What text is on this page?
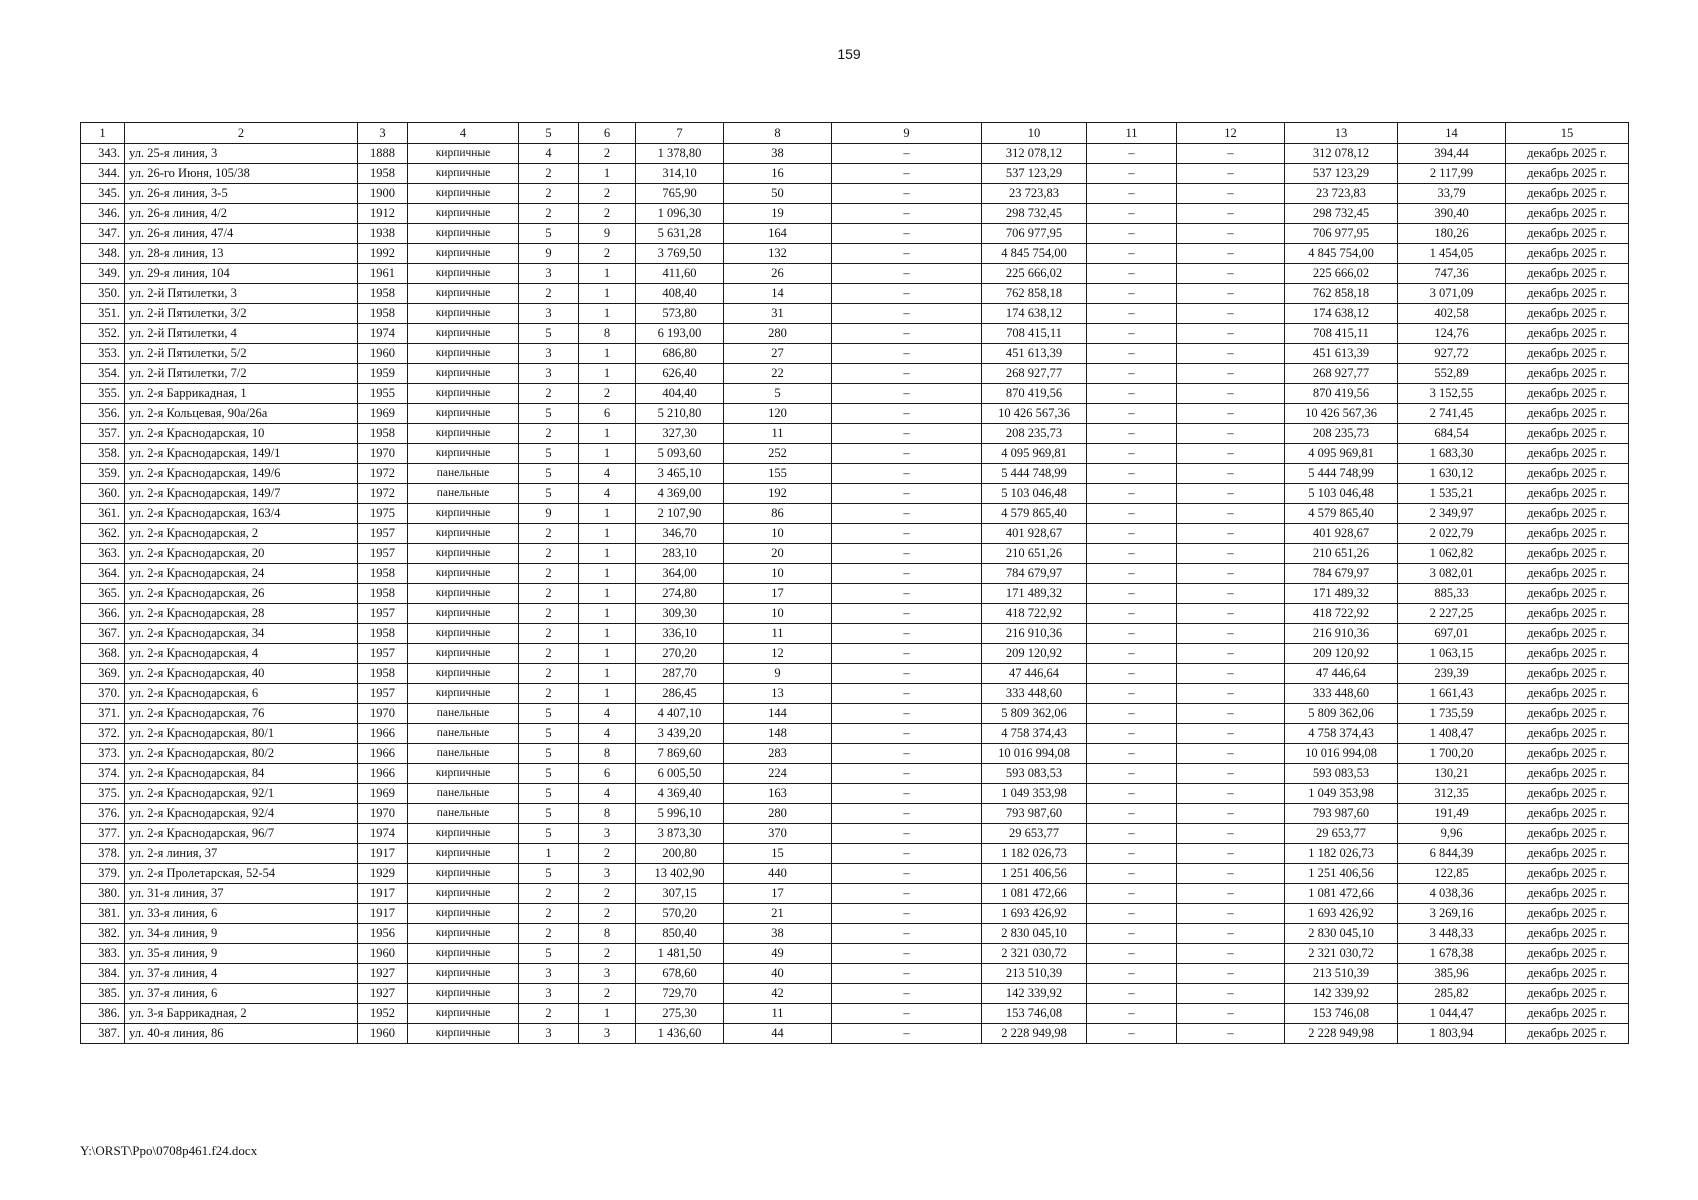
159
1	2	3	4	5	6	7	8	9	10	11	12	13	14	15
343.	ул. 25-я линия, 3	1888	кирпичные	4	2	1 378,80	38	–	312 078,12	–	–	312 078,12	394,44	декабрь 2025 г.
344.	ул. 26-го Июня, 105/38	1958	кирпичные	2	1	314,10	16	–	537 123,29	–	–	537 123,29	2 117,99	декабрь 2025 г.
345.	ул. 26-я линия, 3-5	1900	кирпичные	2	2	765,90	50	–	23 723,83	–	–	23 723,83	33,79	декабрь 2025 г.
346.	ул. 26-я линия, 4/2	1912	кирпичные	2	2	1 096,30	19	–	298 732,45	–	–	298 732,45	390,40	декабрь 2025 г.
347.	ул. 26-я линия, 47/4	1938	кирпичные	5	9	5 631,28	164	–	706 977,95	–	–	706 977,95	180,26	декабрь 2025 г.
348.	ул. 28-я линия, 13	1992	кирпичные	9	2	3 769,50	132	–	4 845 754,00	–	–	4 845 754,00	1 454,05	декабрь 2025 г.
349.	ул. 29-я линия, 104	1961	кирпичные	3	1	411,60	26	–	225 666,02	–	–	225 666,02	747,36	декабрь 2025 г.
350.	ул. 2-й Пятилетки, 3	1958	кирпичные	2	1	408,40	14	–	762 858,18	–	–	762 858,18	3 071,09	декабрь 2025 г.
351.	ул. 2-й Пятилетки, 3/2	1958	кирпичные	3	1	573,80	31	–	174 638,12	–	–	174 638,12	402,58	декабрь 2025 г.
352.	ул. 2-й Пятилетки, 4	1974	кирпичные	5	8	6 193,00	280	–	708 415,11	–	–	708 415,11	124,76	декабрь 2025 г.
353.	ул. 2-й Пятилетки, 5/2	1960	кирпичные	3	1	686,80	27	–	451 613,39	–	–	451 613,39	927,72	декабрь 2025 г.
354.	ул. 2-й Пятилетки, 7/2	1959	кирпичные	3	1	626,40	22	–	268 927,77	–	–	268 927,77	552,89	декабрь 2025 г.
355.	ул. 2-я Баррикадная, 1	1955	кирпичные	2	2	404,40	5	–	870 419,56	–	–	870 419,56	3 152,55	декабрь 2025 г.
356.	ул. 2-я Кольцевая, 90а/26а	1969	кирпичные	5	6	5 210,80	120	–	10 426 567,36	–	–	10 426 567,36	2 741,45	декабрь 2025 г.
357.	ул. 2-я Краснодарская, 10	1958	кирпичные	2	1	327,30	11	–	208 235,73	–	–	208 235,73	684,54	декабрь 2025 г.
358.	ул. 2-я Краснодарская, 149/1	1970	кирпичные	5	1	5 093,60	252	–	4 095 969,81	–	–	4 095 969,81	1 683,30	декабрь 2025 г.
359.	ул. 2-я Краснодарская, 149/6	1972	панельные	5	4	3 465,10	155	–	5 444 748,99	–	–	5 444 748,99	1 630,12	декабрь 2025 г.
360.	ул. 2-я Краснодарская, 149/7	1972	панельные	5	4	4 369,00	192	–	5 103 046,48	–	–	5 103 046,48	1 535,21	декабрь 2025 г.
361.	ул. 2-я Краснодарская, 163/4	1975	кирпичные	9	1	2 107,90	86	–	4 579 865,40	–	–	4 579 865,40	2 349,97	декабрь 2025 г.
362.	ул. 2-я Краснодарская, 2	1957	кирпичные	2	1	346,70	10	–	401 928,67	–	–	401 928,67	2 022,79	декабрь 2025 г.
363.	ул. 2-я Краснодарская, 20	1957	кирпичные	2	1	283,10	20	–	210 651,26	–	–	210 651,26	1 062,82	декабрь 2025 г.
364.	ул. 2-я Краснодарская, 24	1958	кирпичные	2	1	364,00	10	–	784 679,97	–	–	784 679,97	3 082,01	декабрь 2025 г.
365.	ул. 2-я Краснодарская, 26	1958	кирпичные	2	1	274,80	17	–	171 489,32	–	–	171 489,32	885,33	декабрь 2025 г.
366.	ул. 2-я Краснодарская, 28	1957	кирпичные	2	1	309,30	10	–	418 722,92	–	–	418 722,92	2 227,25	декабрь 2025 г.
367.	ул. 2-я Краснодарская, 34	1958	кирпичные	2	1	336,10	11	–	216 910,36	–	–	216 910,36	697,01	декабрь 2025 г.
368.	ул. 2-я Краснодарская, 4	1957	кирпичные	2	1	270,20	12	–	209 120,92	–	–	209 120,92	1 063,15	декабрь 2025 г.
369.	ул. 2-я Краснодарская, 40	1958	кирпичные	2	1	287,70	9	–	47 446,64	–	–	47 446,64	239,39	декабрь 2025 г.
370.	ул. 2-я Краснодарская, 6	1957	кирпичные	2	1	286,45	13	–	333 448,60	–	–	333 448,60	1 661,43	декабрь 2025 г.
371.	ул. 2-я Краснодарская, 76	1970	панельные	5	4	4 407,10	144	–	5 809 362,06	–	–	5 809 362,06	1 735,59	декабрь 2025 г.
372.	ул. 2-я Краснодарская, 80/1	1966	панельные	5	4	3 439,20	148	–	4 758 374,43	–	–	4 758 374,43	1 408,47	декабрь 2025 г.
373.	ул. 2-я Краснодарская, 80/2	1966	панельные	5	8	7 869,60	283	–	10 016 994,08	–	–	10 016 994,08	1 700,20	декабрь 2025 г.
374.	ул. 2-я Краснодарская, 84	1966	кирпичные	5	6	6 005,50	224	–	593 083,53	–	–	593 083,53	130,21	декабрь 2025 г.
375.	ул. 2-я Краснодарская, 92/1	1969	панельные	5	4	4 369,40	163	–	1 049 353,98	–	–	1 049 353,98	312,35	декабрь 2025 г.
376.	ул. 2-я Краснодарская, 92/4	1970	панельные	5	8	5 996,10	280	–	793 987,60	–	–	793 987,60	191,49	декабрь 2025 г.
377.	ул. 2-я Краснодарская, 96/7	1974	кирпичные	5	3	3 873,30	370	–	29 653,77	–	–	29 653,77	9,96	декабрь 2025 г.
378.	ул. 2-я линия, 37	1917	кирпичные	1	2	200,80	15	–	1 182 026,73	–	–	1 182 026,73	6 844,39	декабрь 2025 г.
379.	ул. 2-я Пролетарская, 52-54	1929	кирпичные	5	3	13 402,90	440	–	1 251 406,56	–	–	1 251 406,56	122,85	декабрь 2025 г.
380.	ул. 31-я линия, 37	1917	кирпичные	2	2	307,15	17	–	1 081 472,66	–	–	1 081 472,66	4 038,36	декабрь 2025 г.
381.	ул. 33-я линия, 6	1917	кирпичные	2	2	570,20	21	–	1 693 426,92	–	–	1 693 426,92	3 269,16	декабрь 2025 г.
382.	ул. 34-я линия, 9	1956	кирпичные	2	8	850,40	38	–	2 830 045,10	–	–	2 830 045,10	3 448,33	декабрь 2025 г.
383.	ул. 35-я линия, 9	1960	кирпичные	5	2	1 481,50	49	–	2 321 030,72	–	–	2 321 030,72	1 678,38	декабрь 2025 г.
384.	ул. 37-я линия, 4	1927	кирпичные	3	3	678,60	40	–	213 510,39	–	–	213 510,39	385,96	декабрь 2025 г.
385.	ул. 37-я линия, 6	1927	кирпичные	3	2	729,70	42	–	142 339,92	–	–	142 339,92	285,82	декабрь 2025 г.
386.	ул. 3-я Баррикадная, 2	1952	кирпичные	2	1	275,30	11	–	153 746,08	–	–	153 746,08	1 044,47	декабрь 2025 г.
387.	ул. 40-я линия, 86	1960	кирпичные	3	3	1 436,60	44	–	2 228 949,98	–	–	2 228 949,98	1 803,94	декабрь 2025 г.
Y:\ORST\Ppo\0708p461.f24.docx
